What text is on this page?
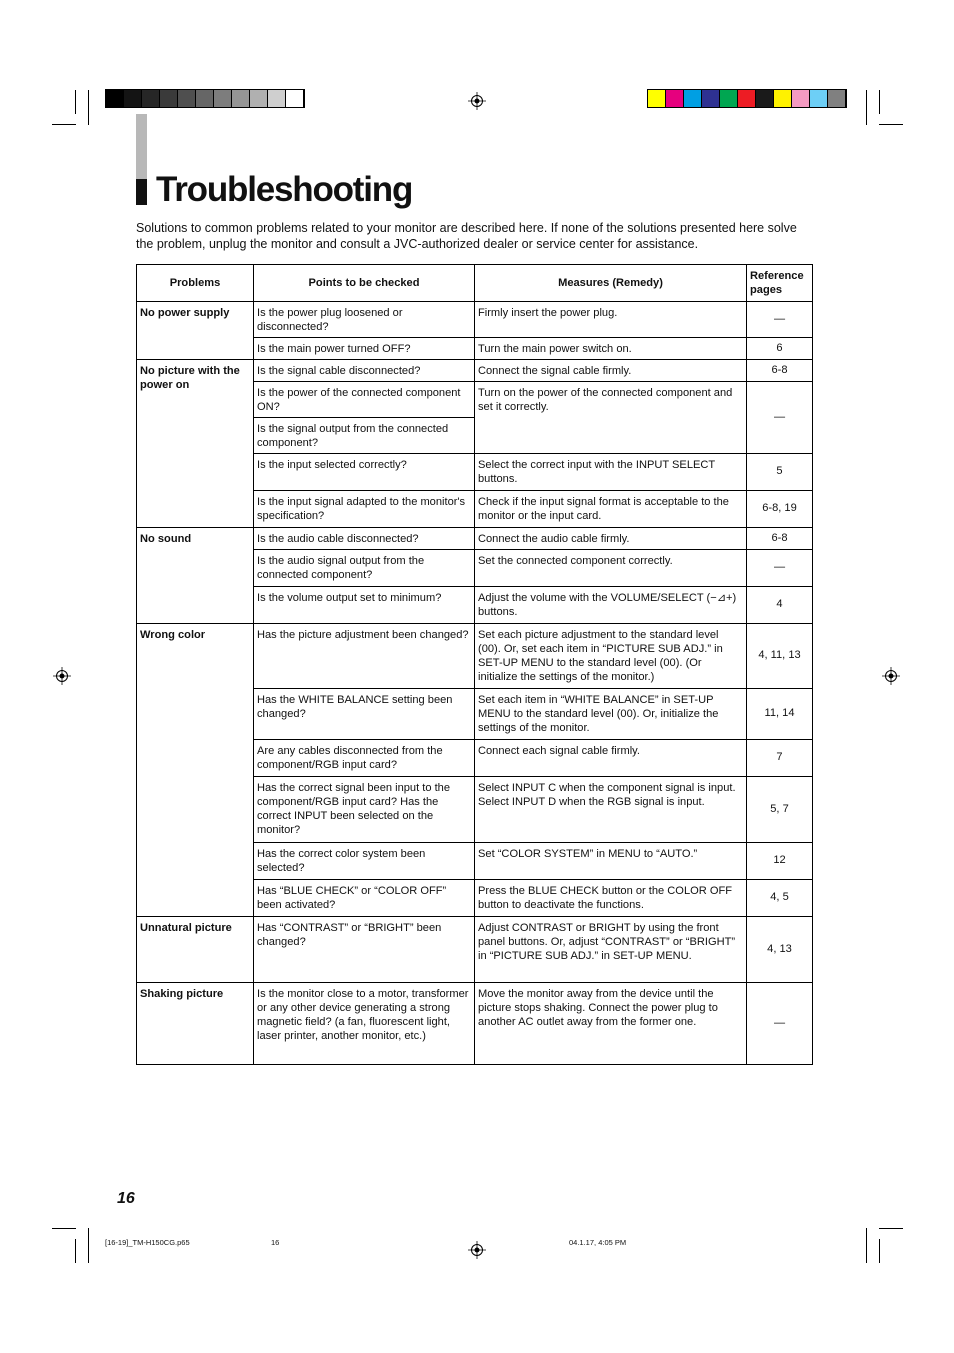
Troubleshooting
Solutions to common problems related to your monitor are described here. If none of the solutions presented here solve the problem, unplug the monitor and consult a JVC-authorized dealer or service center for assistance.
Problems	Points to be checked	Measures (Remedy)	Reference pages
No power supply	Is the power plug loosened or disconnected?	Firmly insert the power plug.	—
	Is the main power turned OFF?	Turn the main power switch on.	6
No picture with the power on	Is the signal cable disconnected?	Connect the signal cable firmly.	6-8
	Is the power of the connected component ON?	Turn on the power of the connected component and set it correctly.	—
	Is the signal output from the connected component?		
	Is the input selected correctly?	Select the correct input with the INPUT SELECT buttons.	5
	Is the input signal adapted to the monitor's specification?	Check if the input signal format is acceptable to the monitor or the input card.	6-8, 19
No sound	Is the audio cable disconnected?	Connect the audio cable firmly.	6-8
	Is the audio signal output from the connected component?	Set the connected component correctly.	—
	Is the volume output set to minimum?	Adjust the volume with the VOLUME/SELECT (−⊿+) buttons.	4
Wrong color	Has the picture adjustment been changed?	Set each picture adjustment to the standard level (00). Or, set each item in “PICTURE SUB ADJ.” in SET-UP MENU to the standard level (00). (Or initialize the settings of the monitor.)	4, 11, 13
	Has the WHITE BALANCE setting been changed?	Set each item in “WHITE BALANCE” in SET-UP MENU to the standard level (00). Or, initialize the settings of the monitor.	11, 14
	Are any cables disconnected from the component/RGB input card?	Connect each signal cable firmly.	7
	Has the correct signal been input to the component/RGB input card? Has the correct INPUT been selected on the monitor?	Select INPUT C when the component signal is input. Select INPUT D when the RGB signal is input.	5, 7
	Has the correct color system been selected?	Set “COLOR SYSTEM” in MENU to “AUTO.”	12
	Has “BLUE CHECK” or “COLOR OFF” been activated?	Press the BLUE CHECK button or the COLOR OFF button to deactivate the functions.	4, 5
Unnatural picture	Has “CONTRAST” or “BRIGHT” been changed?	Adjust CONTRAST or BRIGHT by using the front panel buttons. Or, adjust “CONTRAST” or “BRIGHT” in “PICTURE SUB ADJ.” in SET-UP MENU.	4, 13
Shaking picture	Is the monitor close to a motor, transformer or any other device generating a strong magnetic field? (a fan, fluorescent light, laser printer, another monitor, etc.)	Move the monitor away from the device until the picture stops shaking. Connect the power plug to another AC outlet away from the former one.	—
16
[16-19]_TM-H150CG.p65	16	04.1.17, 4:05 PM
